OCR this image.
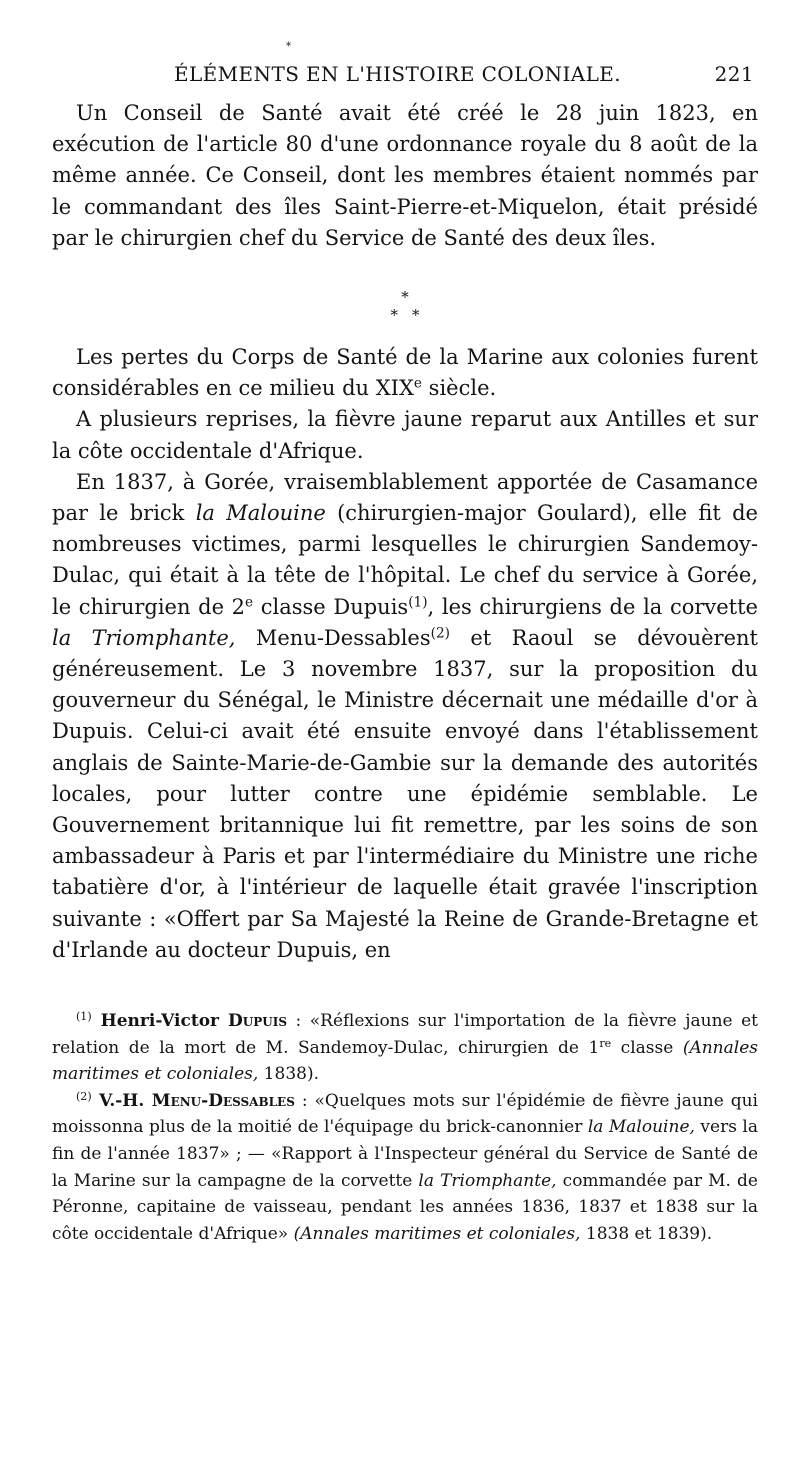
*
ÉLÉMENTS EN L'HISTOIRE COLONIALE.	221

Un Conseil de Santé avait été créé le 28 juin 1823, en exécution de l'article 80 d'une ordonnance royale du 8 août de la même année. Ce Conseil, dont les membres étaient nommés par le commandant des îles Saint-Pierre-et-Miquelon, était présidé par le chirurgien chef du Service de Santé des deux îles.

*
**

Les pertes du Corps de Santé de la Marine aux colonies furent considérables en ce milieu du XIXe siècle.

A plusieurs reprises, la fièvre jaune reparut aux Antilles et sur la côte occidentale d'Afrique.

En 1837, à Gorée, vraisemblablement apportée de Casamance par le brick la Malouine (chirurgien-major Goulard), elle fit de nombreuses victimes, parmi lesquelles le chirurgien Sandemoy-Dulac, qui était à la tête de l'hôpital. Le chef du service à Gorée, le chirurgien de 2e classe Dupuis$^{(1)}$, les chirurgiens de la corvette la Triomphante, Menu-Dessables$^{(2)}$ et Raoul se dévouèrent généreusement. Le 3 novembre 1837, sur la proposition du gouverneur du Sénégal, le Ministre décernait une médaille d'or à Dupuis. Celui-ci avait été ensuite envoyé dans l'établissement anglais de Sainte-Marie-de-Gambie sur la demande des autorités locales, pour lutter contre une épidémie semblable. Le Gouvernement britannique lui fit remettre, par les soins de son ambassadeur à Paris et par l'intermédiaire du Ministre une riche tabatière d'or, à l'intérieur de laquelle était gravée l'inscription suivante : «Offert par Sa Majesté la Reine de Grande-Bretagne et d'Irlande au docteur Dupuis, en

$^{(1)}$ Henri-Victor Dupuis : «Réflexions sur l'importation de la fièvre jaune et relation de la mort de M. Sandemoy-Dulac, chirurgien de 1re classe (Annales maritimes et coloniales, 1838).

$^{(2)}$ V.-H. Menu-Dessables : «Quelques mots sur l'épidémie de fièvre jaune qui moissonna plus de la moitié de l'équipage du brick-canonnier la Malouine, vers la fin de l'année 1837» ; — «Rapport à l'Inspecteur général du Service de Santé de la Marine sur la campagne de la corvette la Triomphante, commandée par M. de Péronne, capitaine de vaisseau, pendant les années 1836, 1837 et 1838 sur la côte occidentale d'Afrique» (Annales maritimes et coloniales, 1838 et 1839).
